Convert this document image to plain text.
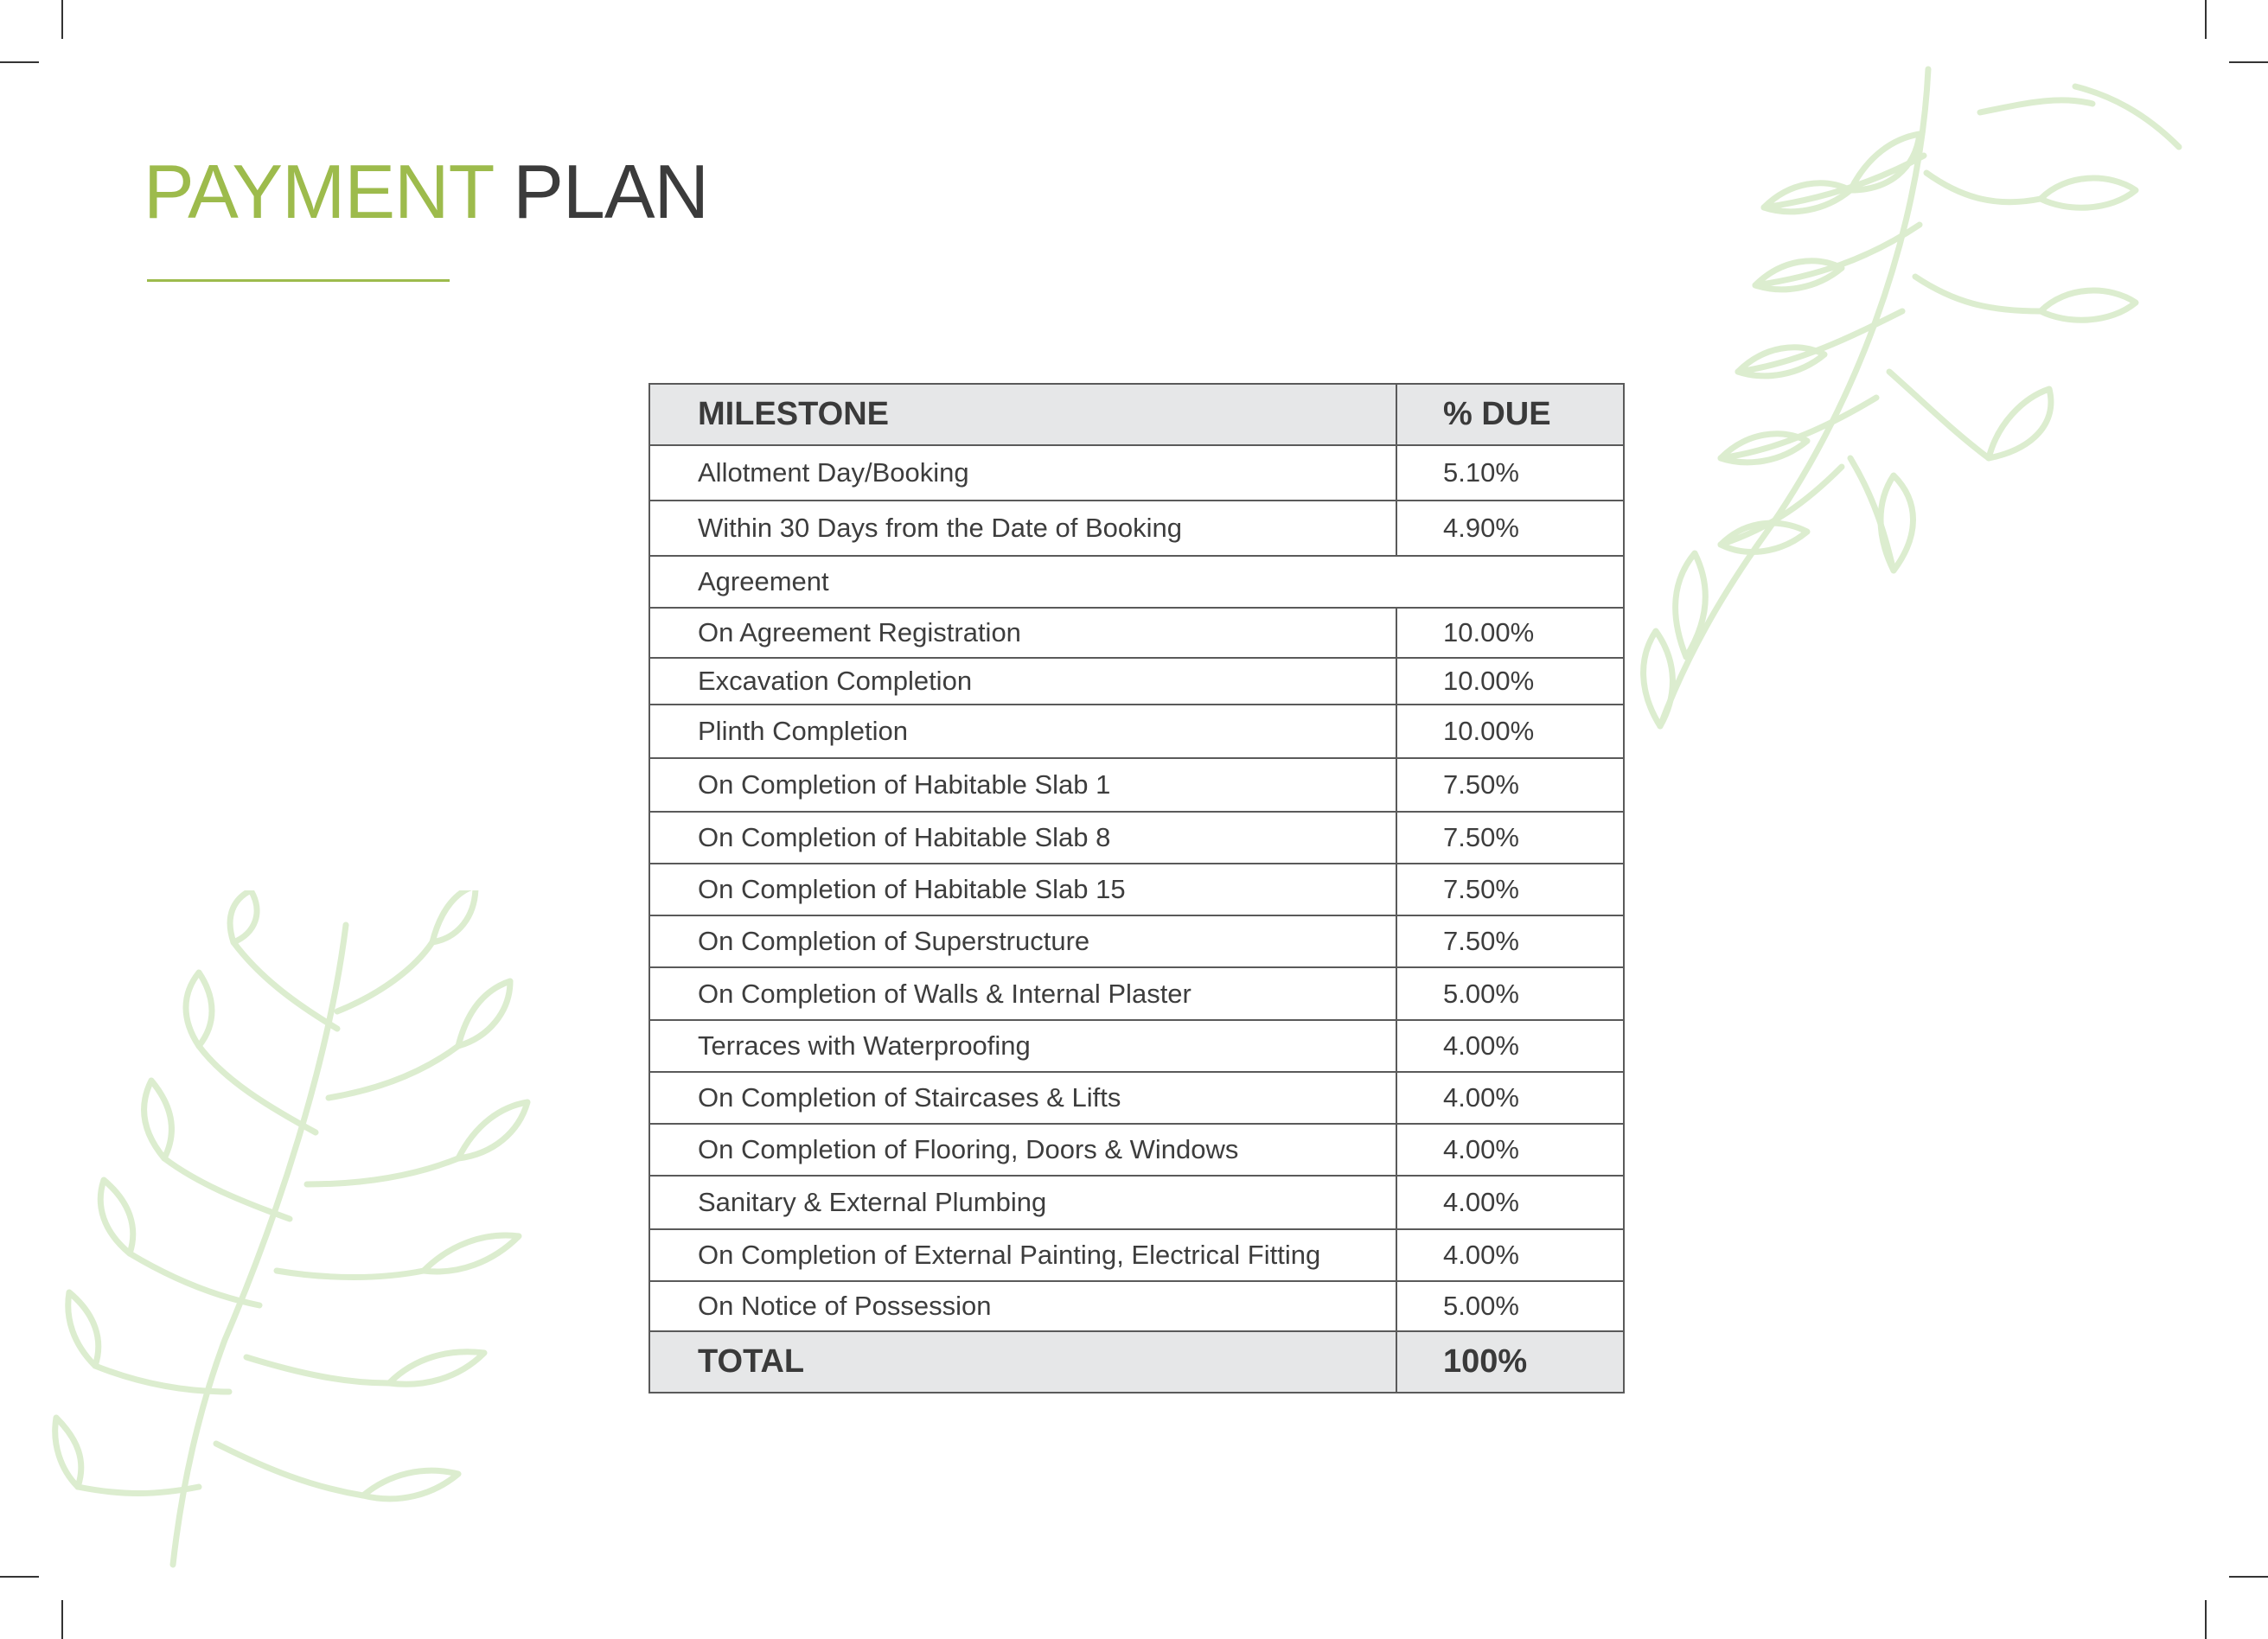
PAYMENT PLAN
MILESTONE	% DUE
Allotment Day/Booking	5.10%
Within 30 Days from the Date of Booking	4.90%
Agreement	
On Agreement Registration	10.00%
Excavation Completion	10.00%
Plinth Completion	10.00%
On Completion of Habitable Slab 1	7.50%
On Completion of Habitable Slab 8	7.50%
On Completion of Habitable Slab 15	7.50%
On Completion of Superstructure	7.50%
On Completion of Walls & Internal Plaster	5.00%
Terraces with Waterproofing	4.00%
On Completion of Staircases & Lifts	4.00%
On Completion of Flooring, Doors & Windows	4.00%
Sanitary & External Plumbing	4.00%
On Completion of External Painting, Electrical Fitting	4.00%
On Notice of Possession	5.00%
TOTAL	100%
